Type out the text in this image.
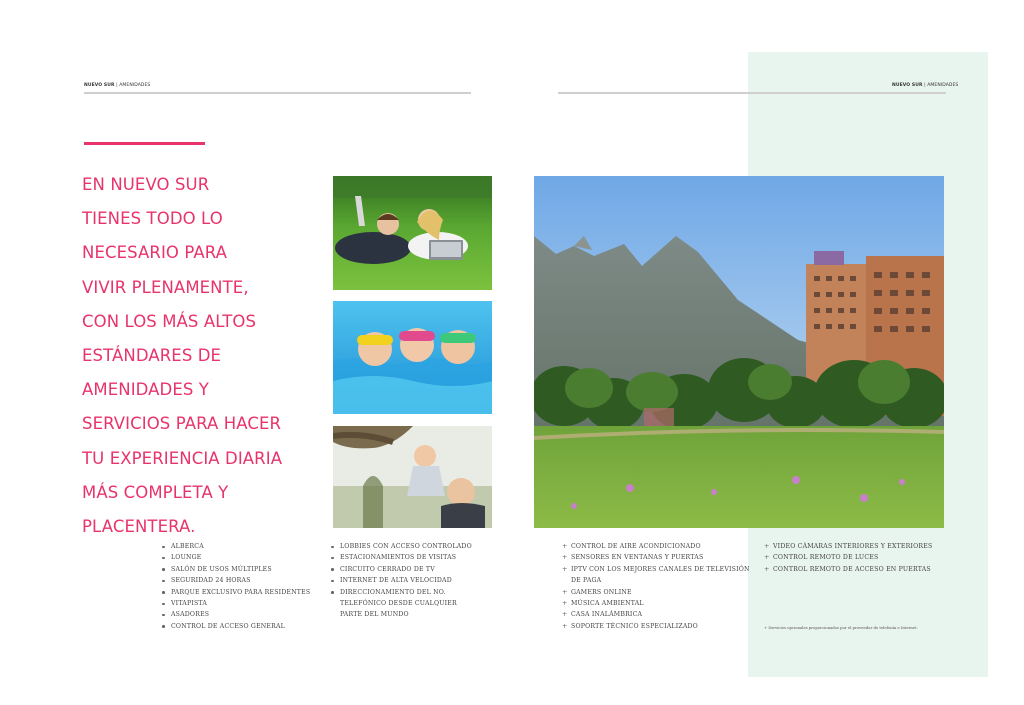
NUEVO SUR | AMENIDADES	NUEVO SUR | AMENIDADES
EN NUEVO SUR
TIENES TODO LO
NECESARIO PARA
VIVIR PLENAMENTE,
CON LOS MÁS ALTOS
ESTÁNDARES DE
AMENIDADES Y
SERVICIOS PARA HACER
TU EXPERIENCIA DIARIA
MÁS COMPLETA Y
PLACENTERA.
ALBERCA
LOUNGE
SALÓN DE USOS MÚLTIPLES
SEGURIDAD 24 HORAS
PARQUE EXCLUSIVO PARA RESIDENTES
VITAPISTA
ASADORES
CONTROL DE ACCESO GENERAL
LOBBIES CON ACCESO CONTROLADO
ESTACIONAMIENTOS DE VISITAS
CIRCUITO CERRADO DE TV
INTERNET DE ALTA VELOCIDAD
DIRECCIONAMIENTO DEL NO.
TELEFÓNICO DESDE CUALQUIER
PARTE DEL MUNDO
+ CONTROL DE AIRE ACONDICIONADO
+ SENSORES EN VENTANAS Y PUERTAS
+ IPTV CON LOS MEJORES CANALES DE TELEVISIÓN
DE PAGA
+ GAMERS ONLINE
+ MÚSICA AMBIENTAL
+ CASA INALÁMBRICA
+ SOPORTE TÉCNICO ESPECIALIZADO
+ VIDEO CÁMARAS INTERIORES Y EXTERIORES
+ CONTROL REMOTO DE LUCES
+ CONTROL REMOTO DE ACCESO EN PUERTAS
+ Servicios opcionales proporcionados por el proveedor de telefonía e Internet.
